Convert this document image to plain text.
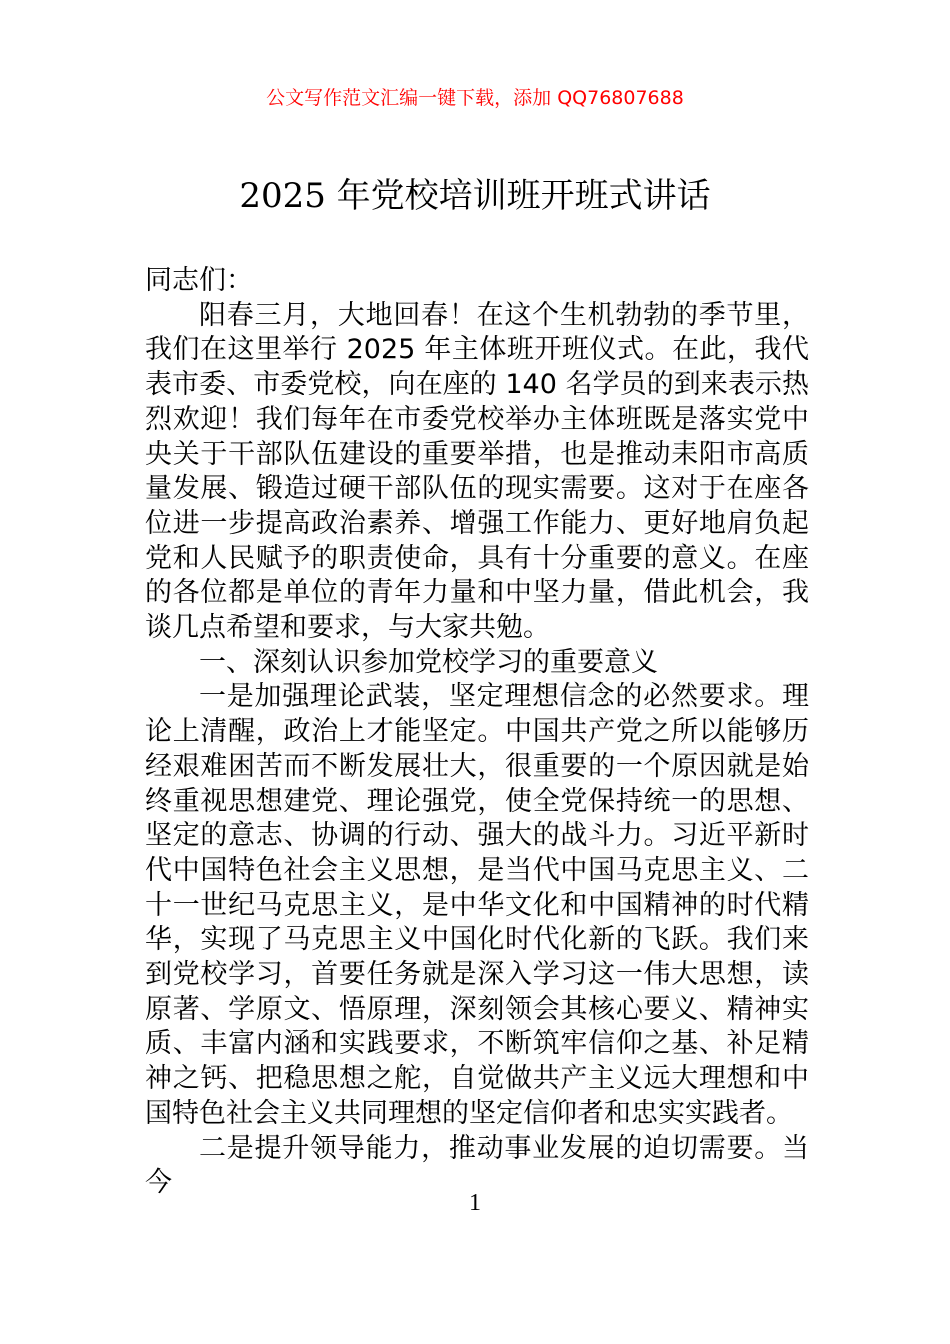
公文写作范文汇编一键下载，添加 QQ76807688
2025 年党校培训班开班式讲话

同志们：

阳春三月，大地回春！在这个生机勃勃的季节里，我们在这里举行 2025 年主体班开班仪式。在此，我代表市委、市委党校，向在座的 140 名学员的到来表示热烈欢迎！我们每年在市委党校举办主体班既是落实党中央关于干部队伍建设的重要举措，也是推动耒阳市高质量发展、锻造过硬干部队伍的现实需要。这对于在座各位进一步提高政治素养、增强工作能力、更好地肩负起党和人民赋予的职责使命，具有十分重要的意义。在座的各位都是单位的青年力量和中坚力量，借此机会，我谈几点希望和要求，与大家共勉。

一、深刻认识参加党校学习的重要意义

一是加强理论武装，坚定理想信念的必然要求。理论上清醒，政治上才能坚定。中国共产党之所以能够历经艰难困苦而不断发展壮大，很重要的一个原因就是始终重视思想建党、理论强党，使全党保持统一的思想、坚定的意志、协调的行动、强大的战斗力。习近平新时代中国特色社会主义思想，是当代中国马克思主义、二十一世纪马克思主义，是中华文化和中国精神的时代精华，实现了马克思主义中国化时代化新的飞跃。我们来到党校学习，首要任务就是深入学习这一伟大思想，读原著、学原文、悟原理，深刻领会其核心要义、精神实质、丰富内涵和实践要求，不断筑牢信仰之基、补足精神之钙、把稳思想之舵，自觉做共产主义远大理想和中国特色社会主义共同理想的坚定信仰者和忠实实践者。

二是提升领导能力，推动事业发展的迫切需要。当今

1
